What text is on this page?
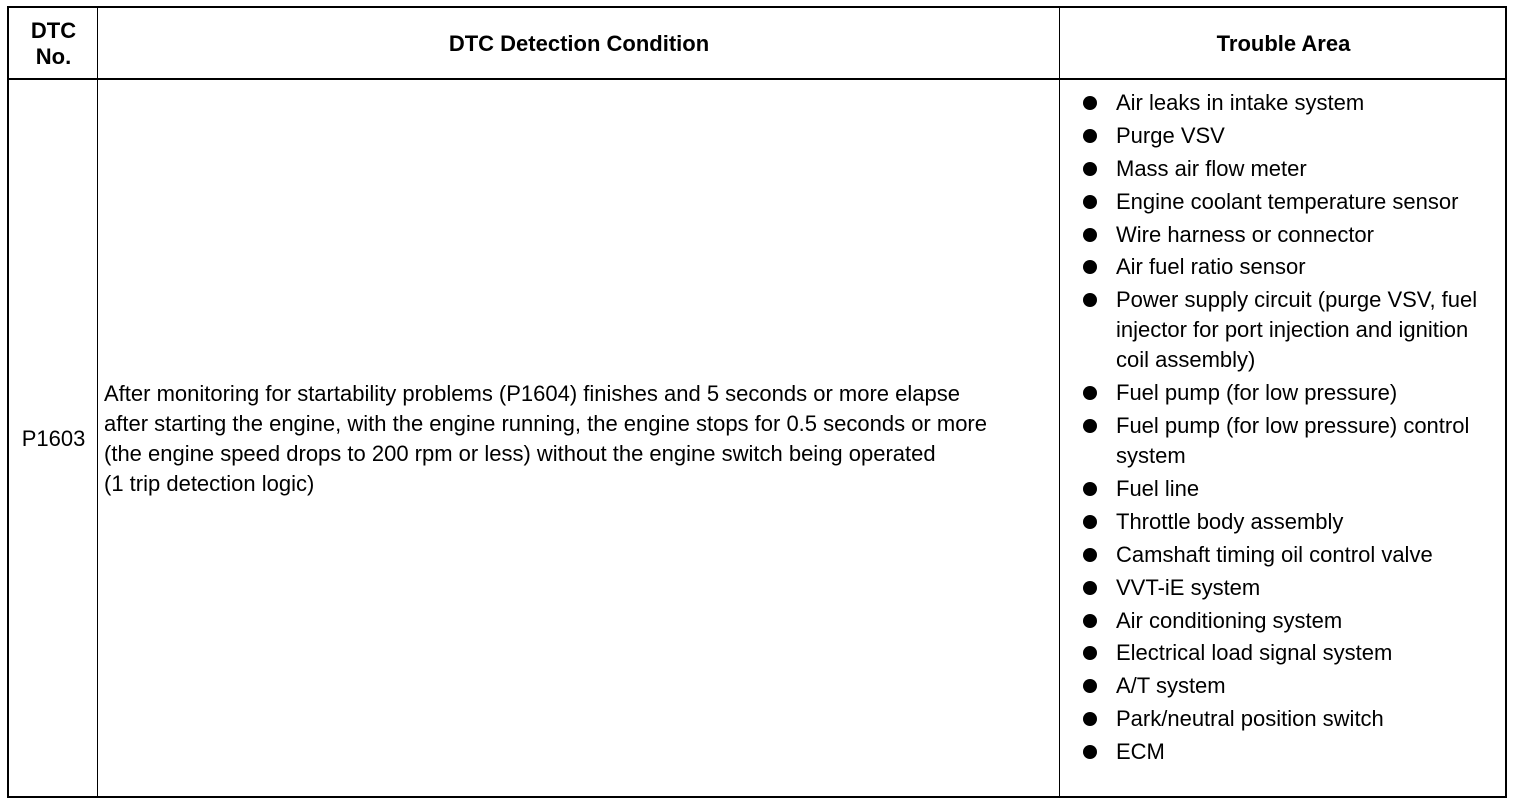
DTC
No.
DTC Detection Condition	Trouble Area
P1603

After monitoring for startability problems (P1604) finishes and 5 seconds or more elapse after starting the engine, with the engine running, the engine stops for 0.5 seconds or more (the engine speed drops to 200 rpm or less) without the engine switch being operated

(1 trip detection logic)

Air leaks in intake system
Purge VSV
Mass air flow meter
Engine coolant temperature sensor
Wire harness or connector
Air fuel ratio sensor
Power supply circuit (purge VSV, fuel injector for port injection and ignition coil assembly)
Fuel pump (for low pressure)
Fuel pump (for low pressure) control system
Fuel line
Throttle body assembly
Camshaft timing oil control valve
VVT-iE system
Air conditioning system
Electrical load signal system
A/T system
Park/neutral position switch
ECM
